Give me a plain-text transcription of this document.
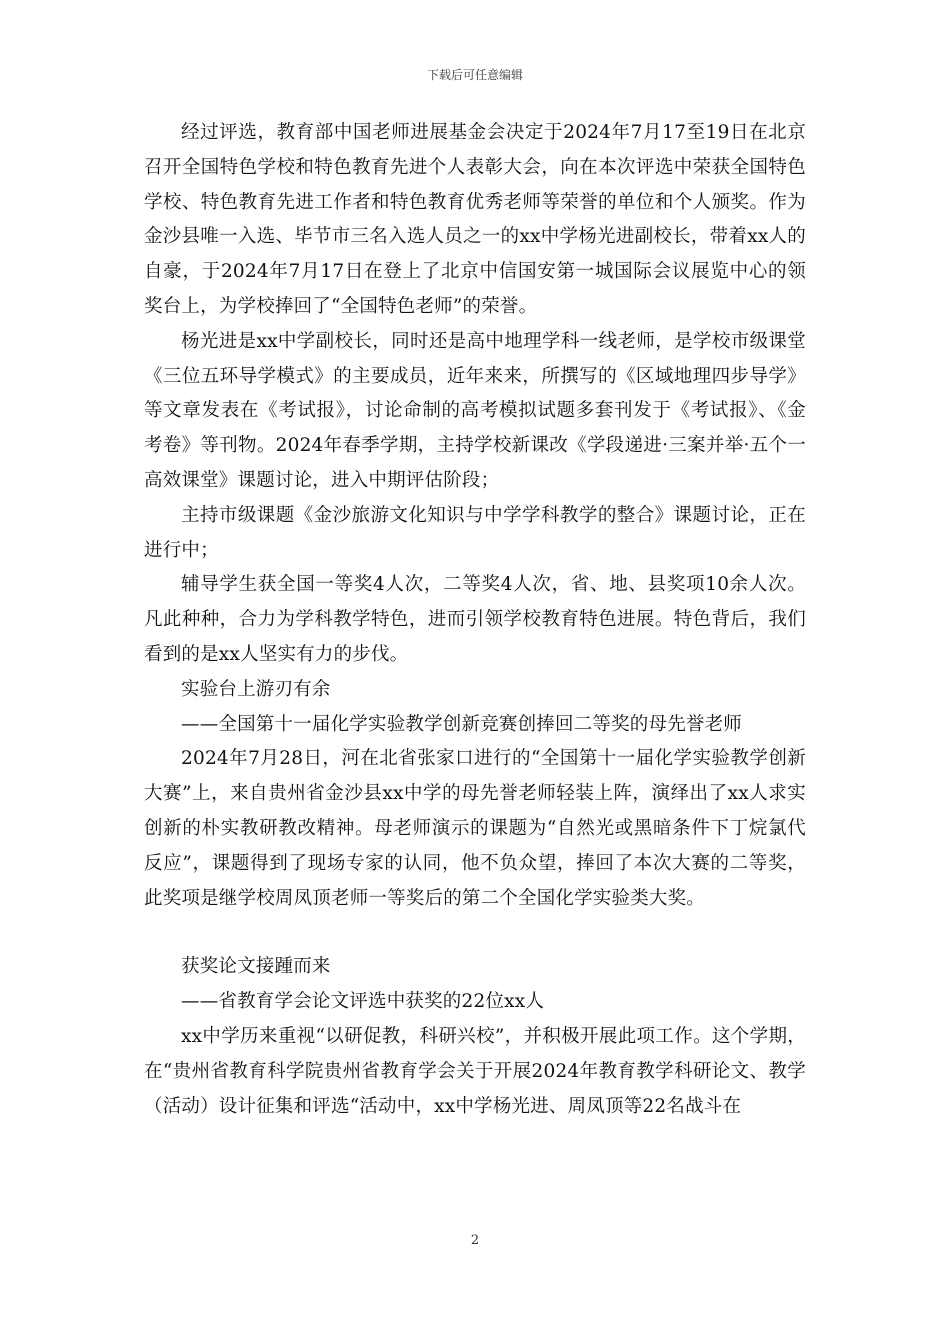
下载后可任意编辑

经过评选，教育部中国老师进展基金会决定于2024年7月17至19日在北京召开全国特色学校和特色教育先进个人表彰大会，向在本次评选中荣获全国特色学校、特色教育先进工作者和特色教育优秀老师等荣誉的单位和个人颁奖。作为金沙县唯一入选、毕节市三名入选人员之一的xx中学杨光进副校长，带着xx人的自豪，于2024年7月17日在登上了北京中信国安第一城国际会议展览中心的领奖台上，为学校捧回了“全国特色老师”的荣誉。

杨光进是xx中学副校长，同时还是高中地理学科一线老师，是学校市级课堂《三位五环导学模式》的主要成员，近年来来，所撰写的《区域地理四步导学》等文章发表在《考试报》，讨论命制的高考模拟试题多套刊发于《考试报》、《金考卷》等刊物。2024年春季学期，主持学校新课改《学段递进·三案并举·五个一高效课堂》课题讨论，进入中期评估阶段；

主持市级课题《金沙旅游文化知识与中学学科教学的整合》课题讨论，正在进行中；

辅导学生获全国一等奖4人次，二等奖4人次，省、地、县奖项10余人次。凡此种种，合力为学科教学特色，进而引领学校教育特色进展。特色背后，我们看到的是xx人坚实有力的步伐。

实验台上游刃有余

——全国第十一届化学实验教学创新竞赛创捧回二等奖的母先誉老师

2024年7月28日，河在北省张家口进行的“全国第十一届化学实验教学创新大赛”上，来自贵州省金沙县xx中学的母先誉老师轻装上阵，演绎出了xx人求实创新的朴实教研教改精神。母老师演示的课题为“自然光或黑暗条件下丁烷氯代反应”，课题得到了现场专家的认同，他不负众望，捧回了本次大赛的二等奖，此奖项是继学校周凤顶老师一等奖后的第二个全国化学实验类大奖。

获奖论文接踵而来

——省教育学会论文评选中获奖的22位xx人

xx中学历来重视“以研促教，科研兴校”，并积极开展此项工作。这个学期，在“贵州省教育科学院贵州省教育学会关于开展2024年教育教学科研论文、教学（活动）设计征集和评选“活动中，xx中学杨光进、周凤顶等22名战斗在

2
